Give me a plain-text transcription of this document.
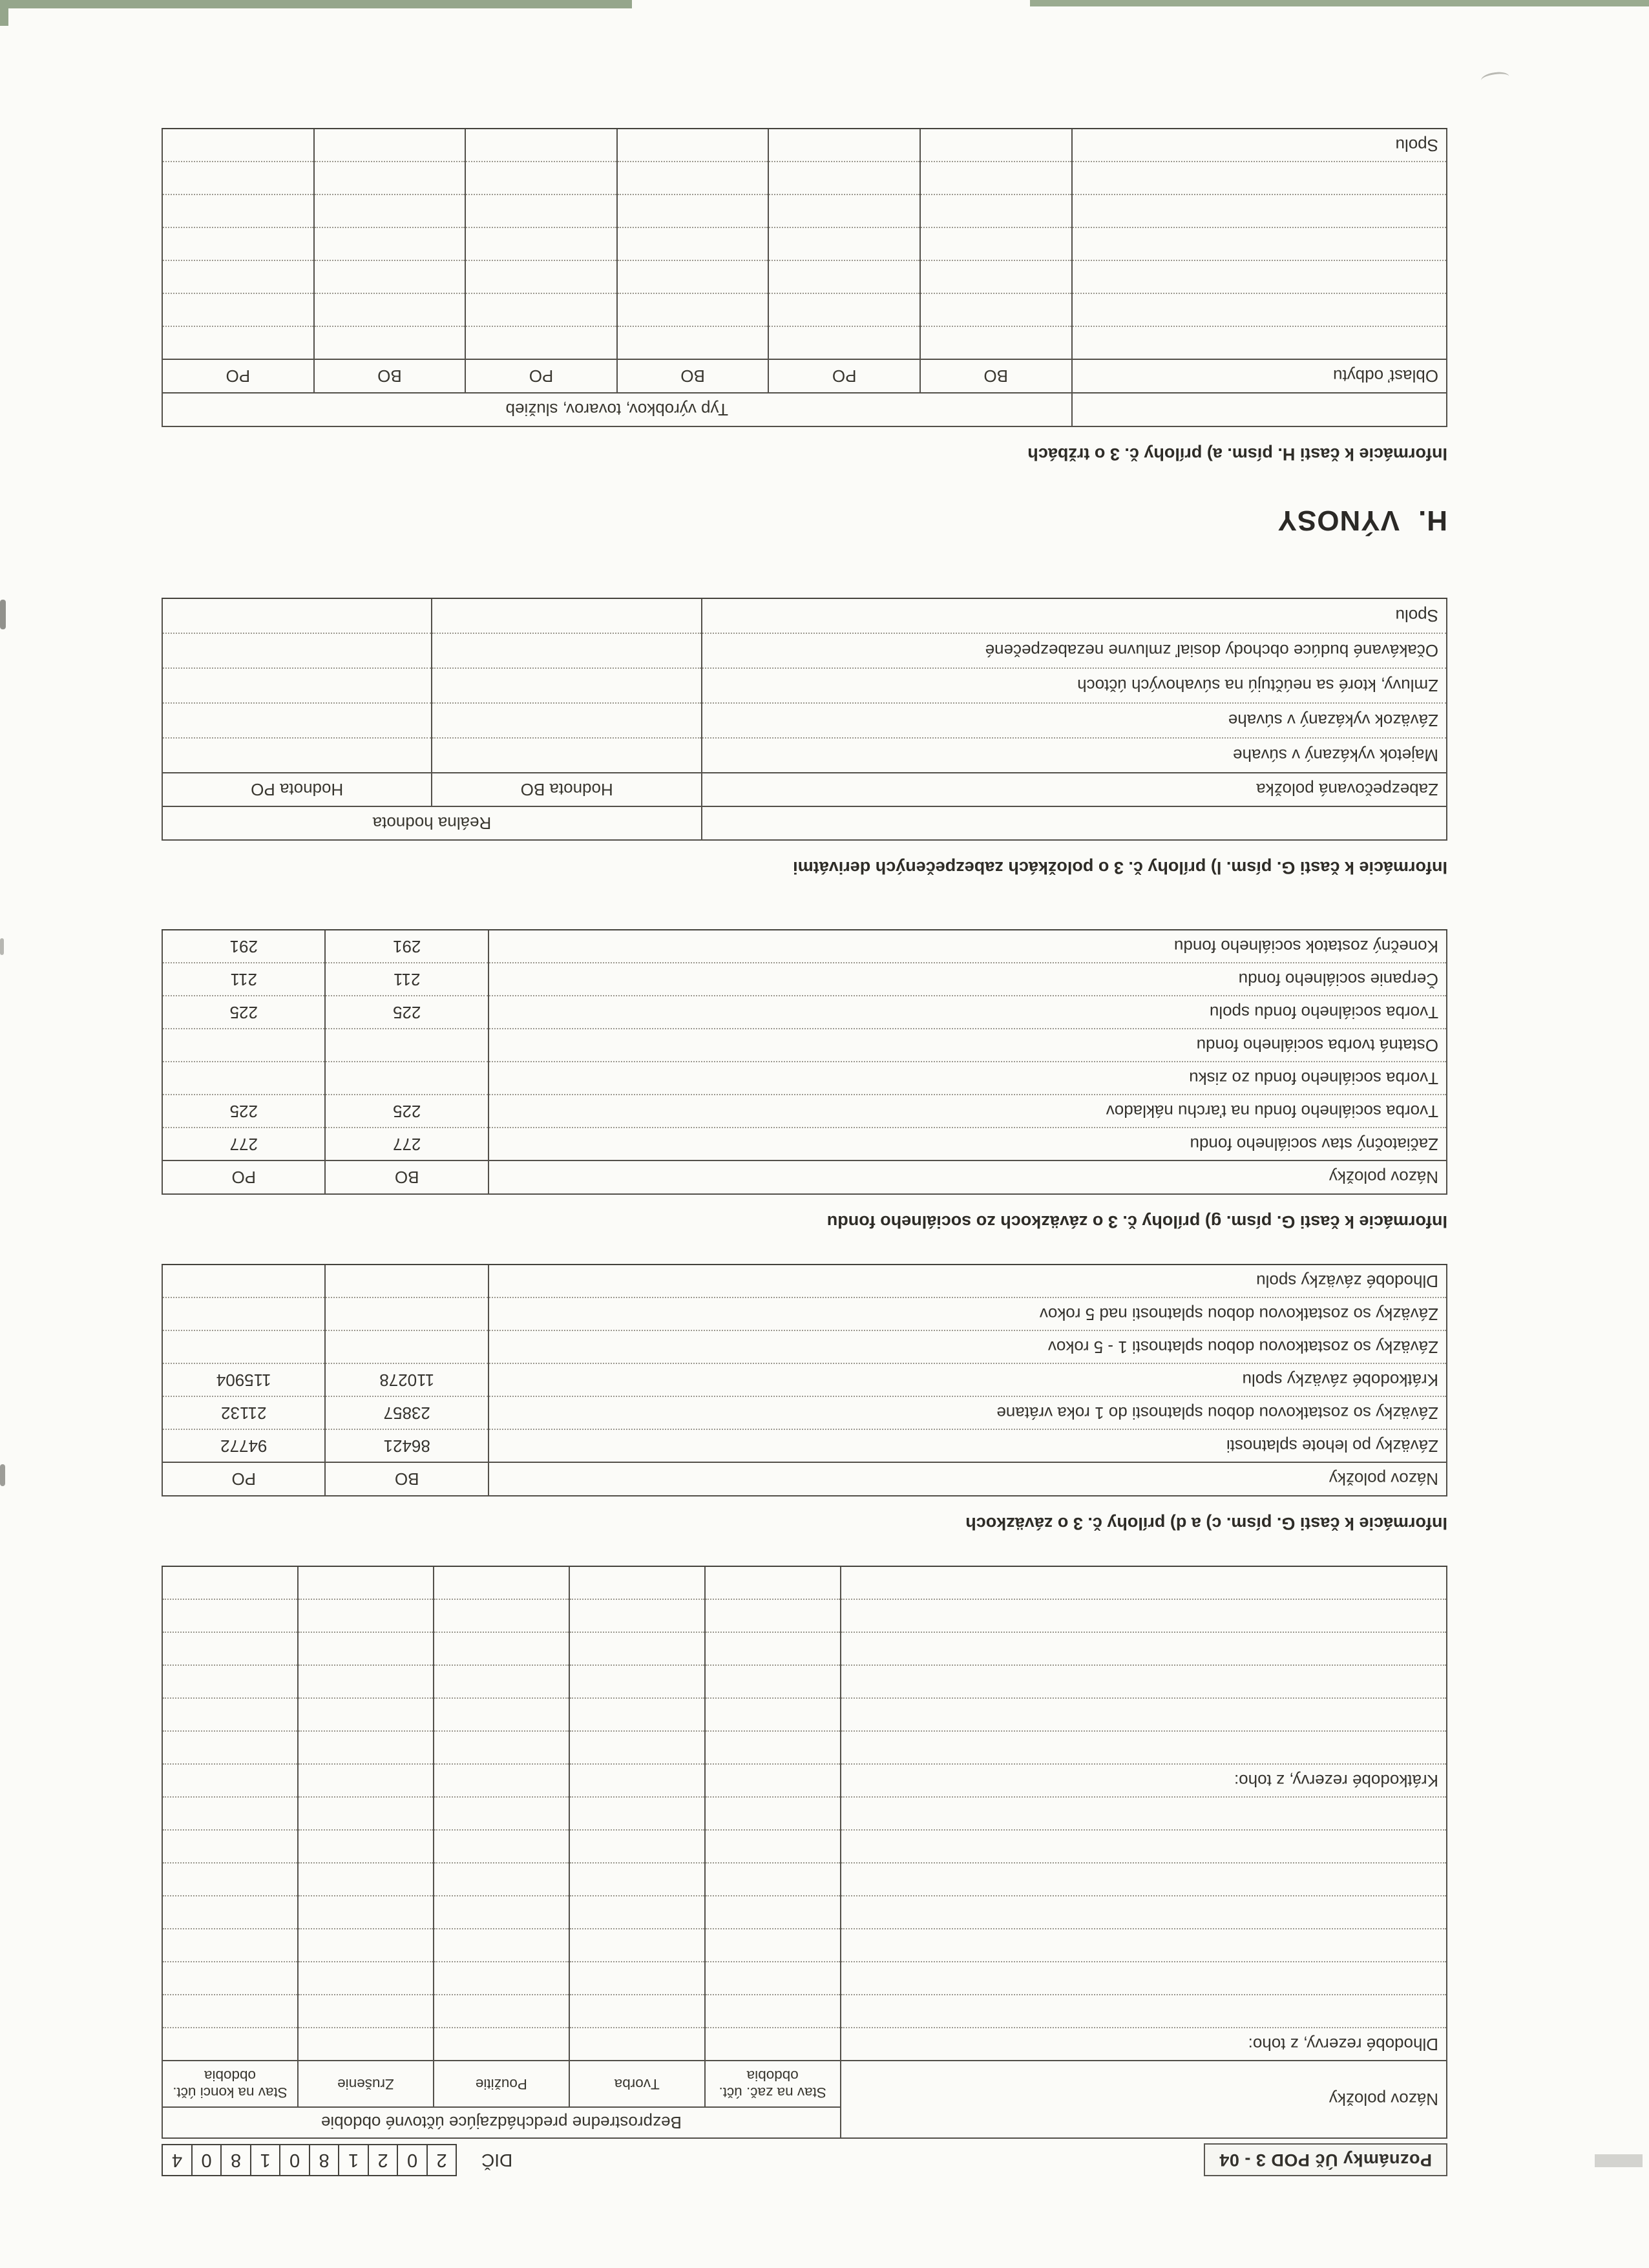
Poznámky Úč POD 3 - 04
DIČ
2
0
2
1
8
0
1
8
0
4
Názov položky	Bezprostredne predchádzajúce účtovné obdobie				
	Stav na zač. účt. obdobia	Tvorba	Použitie	Zrušenie	Stav na konci účt. obdobia
Dlhodobé rezervy, z toho:					

Krátkodobé rezervy, z toho:					

Informácie k časti G. písm. c) a d) prílohy č. 3 o záväzkoch
Názov položky	BO	PO
Záväzky po lehote splatnosti	86421	94772
Záväzky so zostatkovou dobou splatnosti do 1 roka vrátane	23857	21132
Krátkodobé záväzky spolu	110278	115904
Záväzky so zostatkovou dobou splatnosti 1 - 5 rokov		
Záväzky so zostatkovou dobou splatnosti nad 5 rokov		
Dlhodobé záväzky spolu		
Informácie k časti G. písm. g) prílohy č. 3 o záväzkoch zo sociálneho fondu
Názov položky	BO	PO
Začiatočný stav sociálneho fondu	277	277
Tvorba sociálneho fondu na ťarchu nákladov	225	225
Tvorba sociálneho fondu zo zisku		
Ostatná tvorba sociálneho fondu		
Tvorba sociálneho fondu spolu	225	225
Čerpanie sociálneho fondu	211	211
Konečný zostatok sociálneho fondu	291	291
Informácie k časti G. písm. l) prílohy č. 3 o položkách zabezpečených derivátmi
	Reálna hodnota	
Zabezpečovaná položka	Hodnota BO	Hodnota PO
Majetok vykázaný v súvahe		
Záväzok vykázaný v súvahe		
Zmluvy, ktoré sa neúčtujú na súvahových účtoch		
Očakávané budúce obchody dosiaľ zmluvne nezabezpečené		
Spolu		
H.
VÝNOSY
Informácie k časti H. písm. a) prílohy č. 3 o tržbách
	Typ výrobkov, tovarov, služieb					
Oblasť odbytu	BO	PO	BO	PO	BO	PO

Spolu						
